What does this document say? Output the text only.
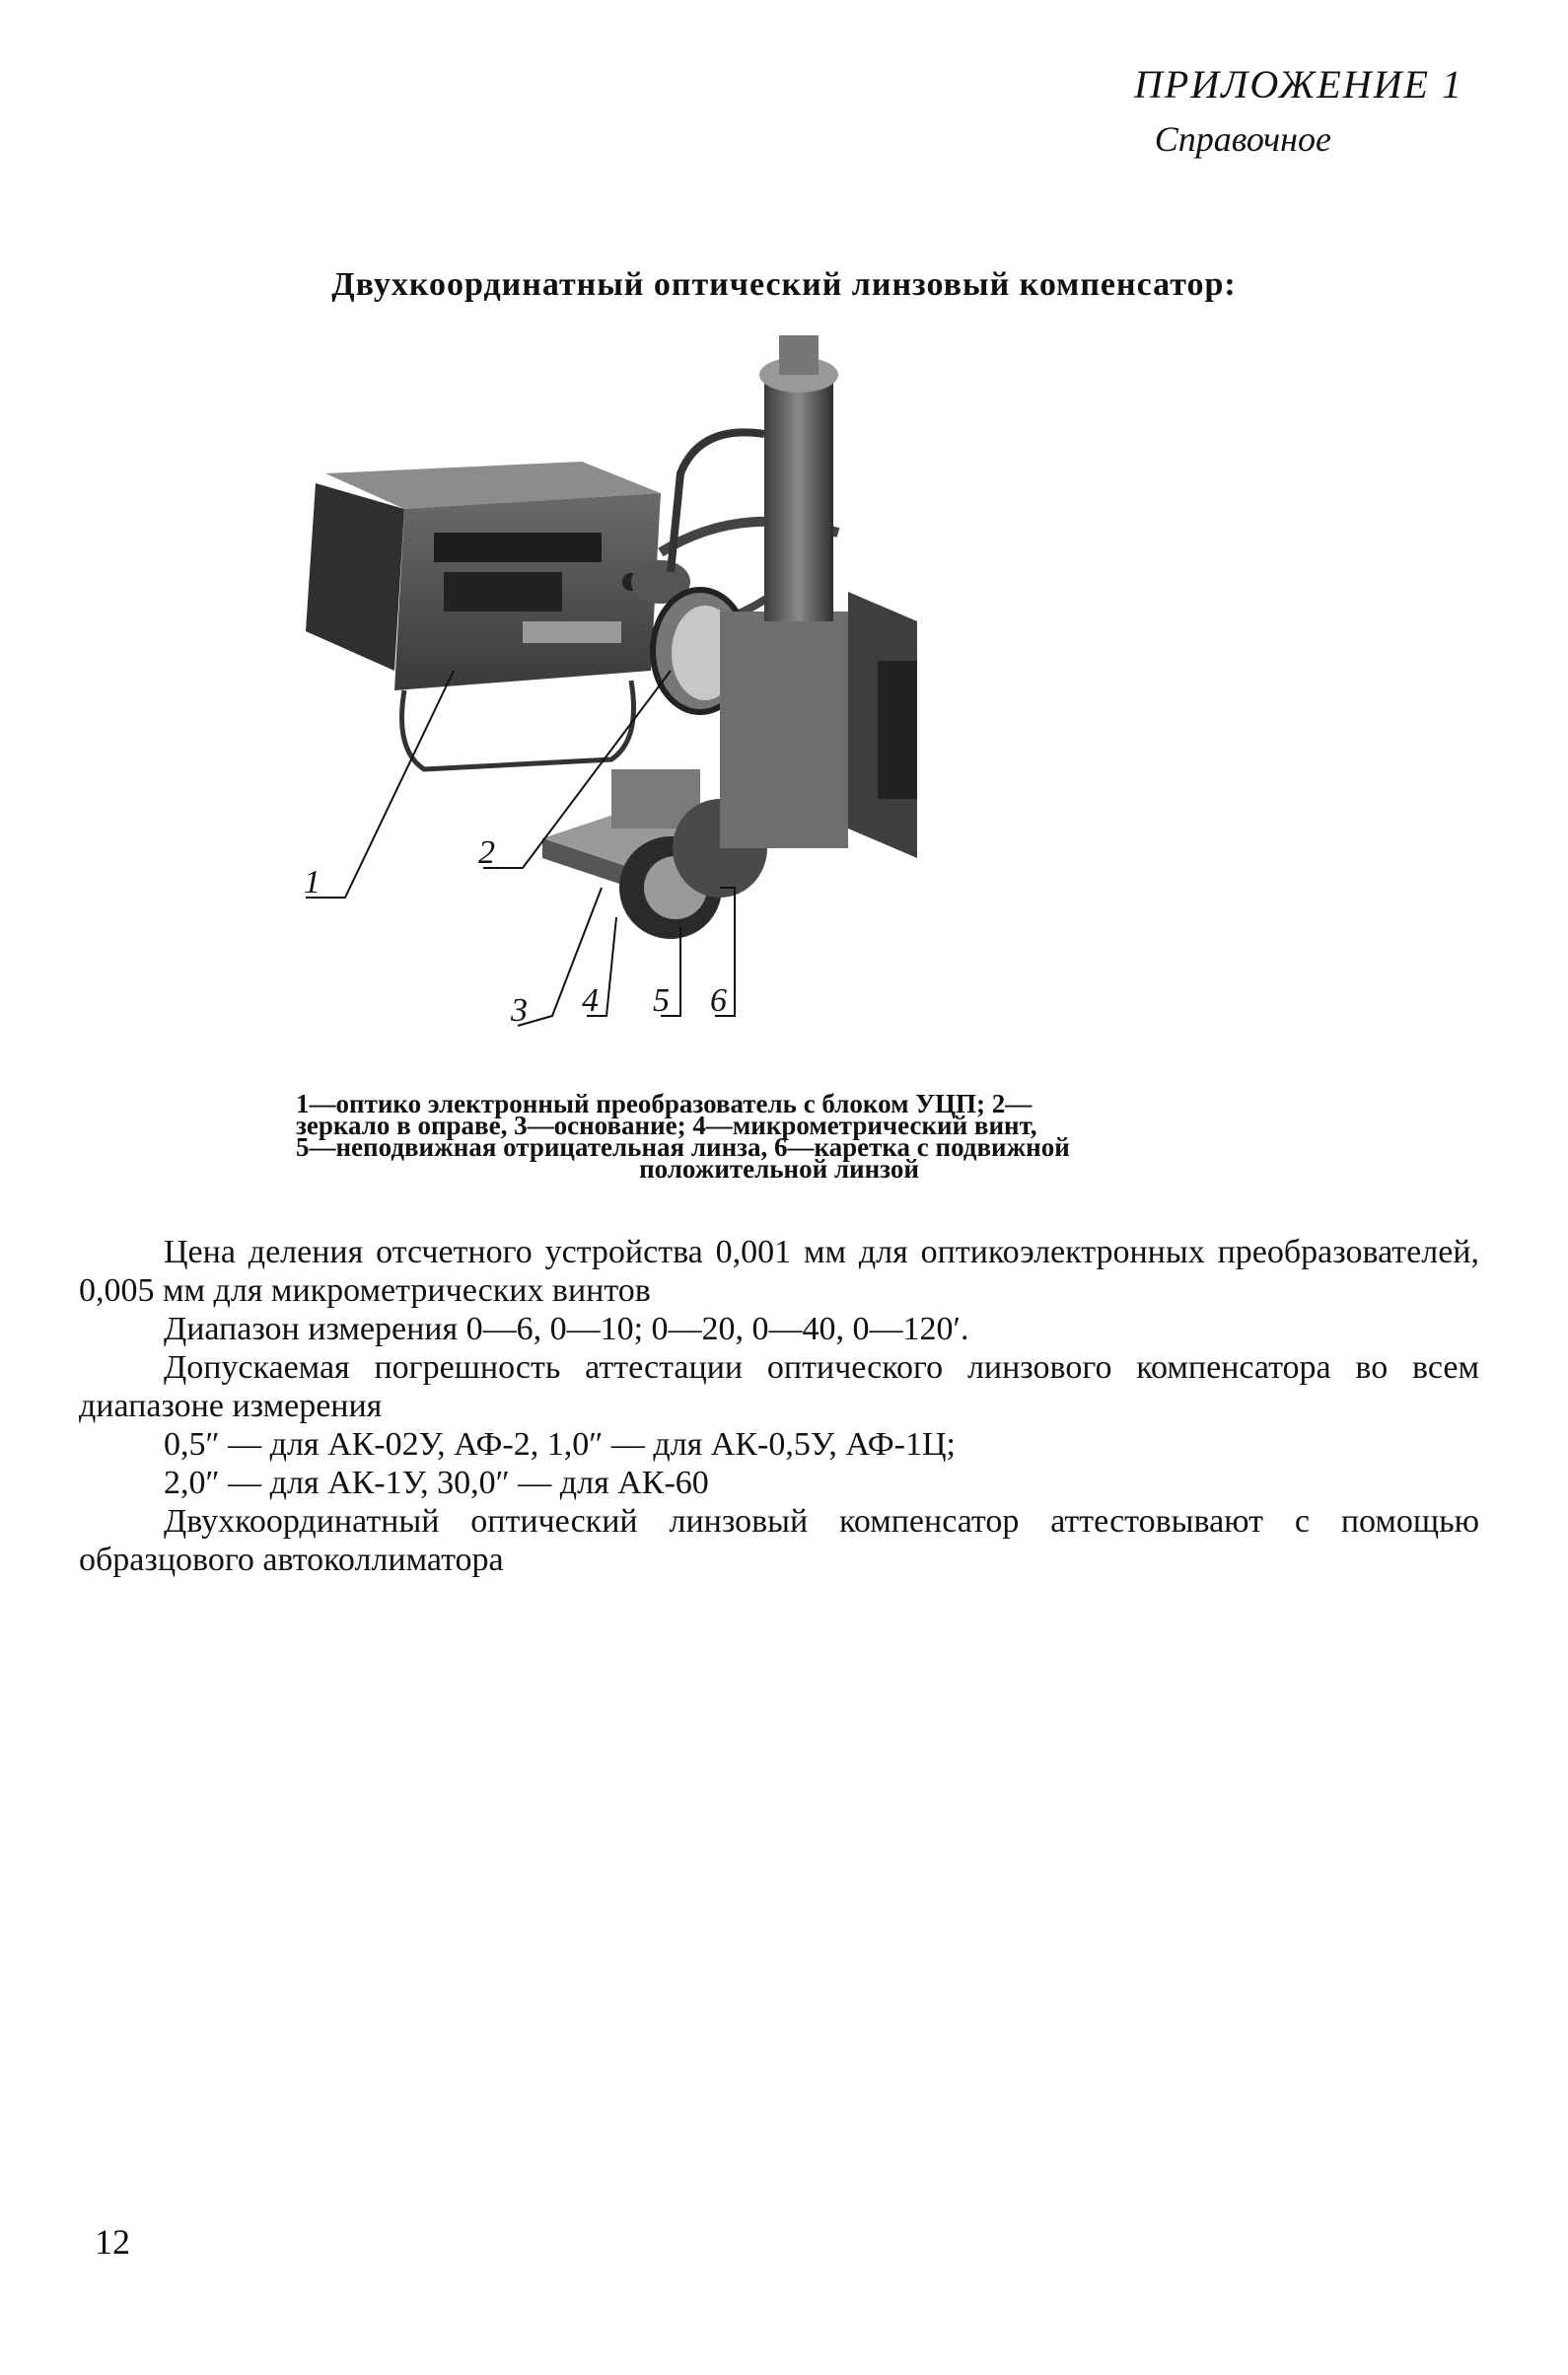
ПРИЛОЖЕНИЕ 1
Справочное
Двухкоординатный оптический линзовый компенсатор:
1
2
3 4 5 6
1—оптико электронный преобразователь с блоком УЦП; 2—
зеркало в оправе, 3—основание; 4—микрометрический винт,
5—неподвижная отрицательная линза, 6—каретка с подвижной

положительной линзой

Цена деления отсчетного устройства 0,001 мм для оптикоэлектронных преобразователей, 0,005 мм для микрометрических винтов

Диапазон измерения 0—6, 0—10; 0—20, 0—40, 0—120′.

Допускаемая погрешность аттестации оптического линзового компенсатора во всем диапазоне измерения

0,5″ — для АК-02У, АФ-2, 1,0″ — для АК-0,5У, АФ-1Ц;

2,0″ — для АК-1У, 30,0″ — для АК-60

Двухкоординатный оптический линзовый компенсатор аттестовывают с помощью образцового автоколлиматора

12
